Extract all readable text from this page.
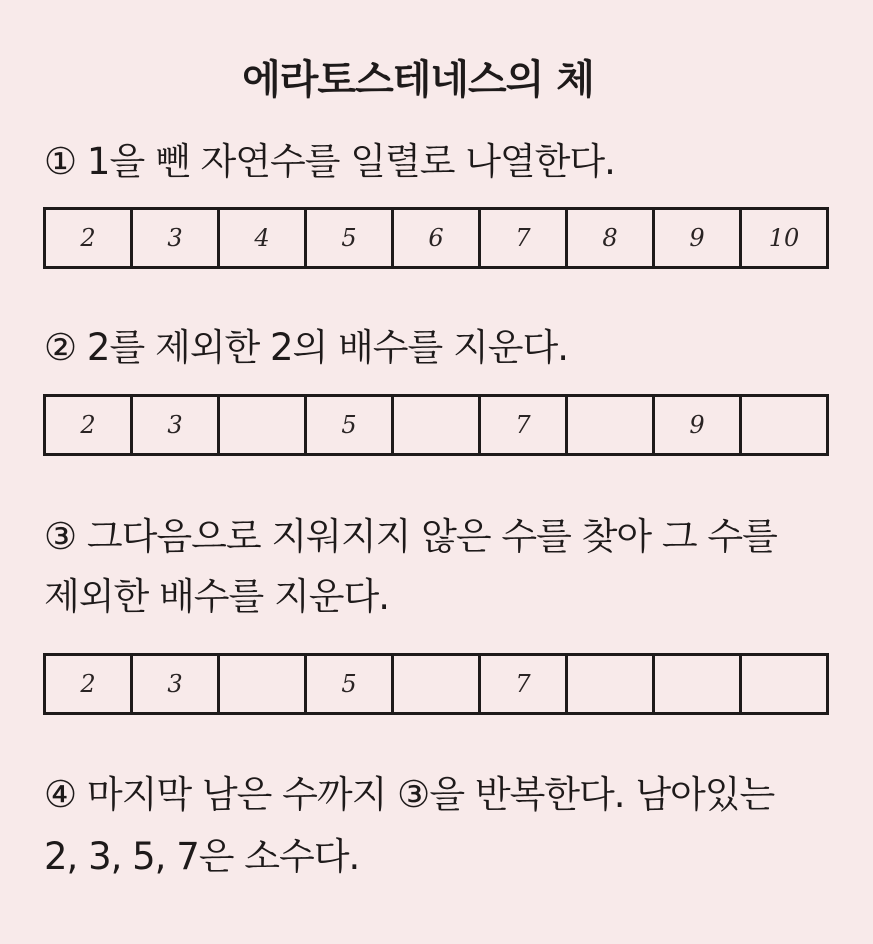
에라토스테네스의 체
① 1을 뺀 자연수를 일렬로 나열한다.
2	3	4	5	6	7	8	9	10
② 2를 제외한 2의 배수를 지운다.
2	3	5	7	9
③ 그다음으로 지워지지 않은 수를 찾아 그 수를
제외한 배수를 지운다.
2	3	5	7
④ 마지막 남은 수까지 ③을 반복한다. 남아있는
2, 3, 5, 7은 소수다.
